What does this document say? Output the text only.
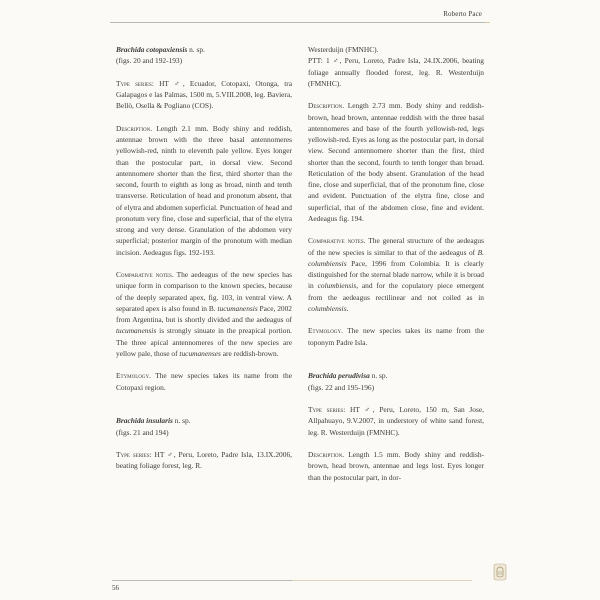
Roberto Pace

Brachida cotopaxiensis n. sp.

(figs. 20 and 192-193)

Type series: HT ♂, Ecuador, Cotopaxi, Otonga, tra Galapagos e las Palmas, 1500 m, 5.VIII.2008, leg. Baviera, Bellò, Osella & Pogliano (COS).

Description. Length 2.1 mm. Body shiny and reddish, antennae brown with the three basal antennomeres yellowish-red, ninth to eleventh pale yellow. Eyes longer than the postocular part, in dorsal view. Second antennomere shorter than the first, third shorter than the second, fourth to eighth as long as broad, ninth and tenth transverse. Reticulation of head and pronotum absent, that of elytra and abdomen superficial. Punctuation of head and pronotum very fine, close and superficial, that of the elytra strong and very dense. Granulation of the abdomen very superficial; posterior margin of the pronotum with median incision. Aedeagus figs. 192-193.

Comparative notes. The aedeagus of the new species has unique form in comparison to the known species, because of the deeply separated apex, fig. 103, in ventral view. A separated apex is also found in B. tucumanensis Pace, 2002 from Argentina, but is shortly divided and the aedeagus of tucumanensis is strongly sinuate in the preapical portion. The three apical antennomeres of the new species are yellow pale, those of tucumanenses are reddish-brown.

Etymology. The new species takes its name from the Cotopaxi region.

Brachida insularis n. sp.

(figs. 21 and 194)

Type series: HT ♂, Peru, Loreto, Padre Isla, 13.IX.2006, beating foliage forest, leg. R.

Westerduijn (FMNHC).

PTT: 1 ♂, Peru, Loreto, Padre Isla, 24.IX.2006, beating foliage annually flooded forest, leg. R. Westerduijn (FMNHC).

Description. Length 2.73 mm. Body shiny and reddish-brown, head brown, antennae reddish with the three basal antennomeres and base of the fourth yellowish-red, legs yellowish-red. Eyes as long as the postocular part, in dorsal view. Second antennomere shorter than the first, third shorter than the second, fourth to tenth longer than broad. Reticulation of the body absent. Granulation of the head fine, close and superficial, that of the pronotum fine, close and evident. Punctuation of the elytra fine, close and superficial, that of the abdomen close, fine and evident. Aedeagus fig. 194.

Comparative notes. The general structure of the aedeagus of the new species is similar to that of the aedeagus of B. columbiensis Pace, 1996 from Colombia. It is clearly distinguished for the sternal blade narrow, while it is broad in columbiensis, and for the copulatory piece emergent from the aedeagus rectilinear and not coiled as in columbiensis.

Etymology. The new species takes its name from the toponym Padre Isla.

Brachida perudivisa n. sp.

(figs. 22 and 195-196)

Type series: HT ♂, Peru, Loreto, 150 m, San Jose, Allpahuayo, 9.V.2007, in understory of white sand forest, leg. R. Westerduijn (FMNHC).

Description. Length 1.5 mm. Body shiny and reddish-brown, head brown, antennae and legs lost. Eyes longer than the postocular part, in dor-

56
